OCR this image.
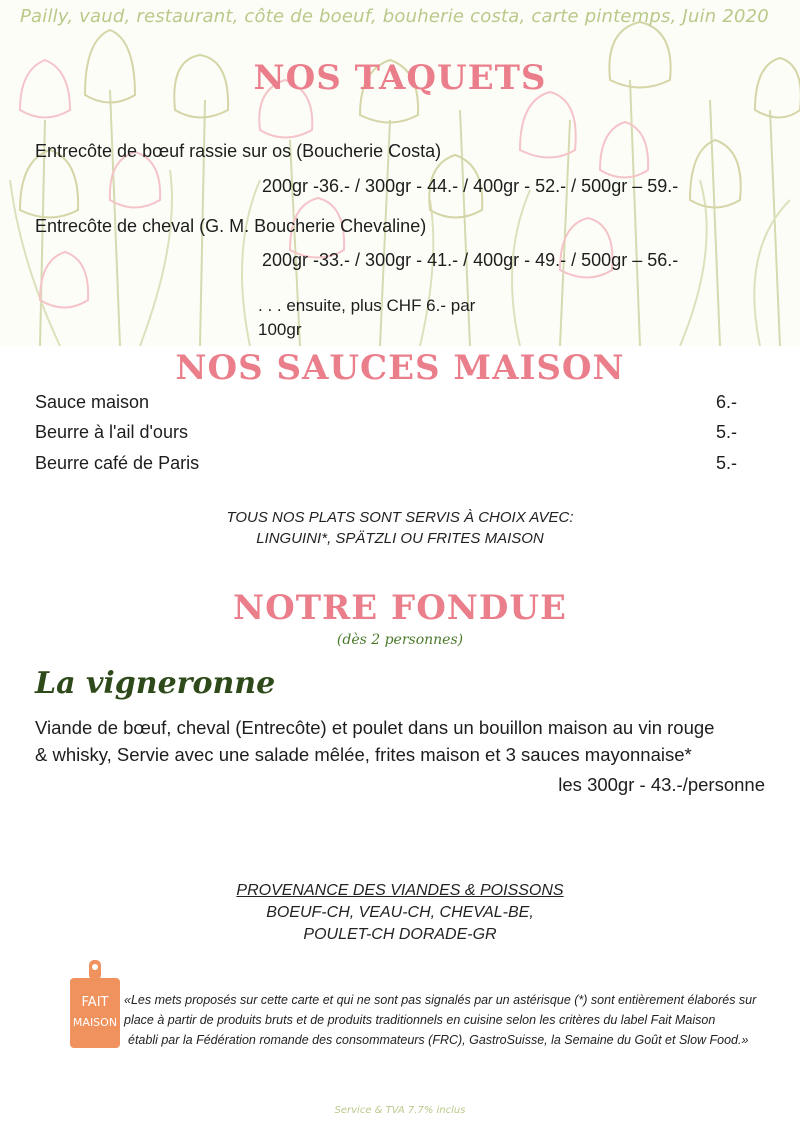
Pailly, vaud, restaurant, côte de boeuf, bouherie costa, carte pintemps, Juin 2020
NOS TAQUETS
Entrecôte de bœuf rassie sur os (Boucherie Costa)
200gr -36.- / 300gr - 44.- / 400gr - 52.- / 500gr – 59.-
Entrecôte de cheval (G. M. Boucherie Chevaline)
200gr -33.- / 300gr - 41.- / 400gr - 49.- / 500gr – 56.-
. . . ensuite, plus CHF 6.- par
100gr
NOS SAUCES MAISON
Sauce maison	6.-
Beurre à l'ail d'ours	5.-
Beurre café de Paris	5.-
TOUS NOS PLATS SONT SERVIS À CHOIX AVEC:
LINGUINI*, SPÄTZLI OU FRITES MAISON
NOTRE FONDUE
(dès 2 personnes)
La vigneronne
Viande de bœuf, cheval (Entrecôte) et poulet dans un bouillon maison au vin rouge
& whisky, Servie avec une salade mêlée, frites maison et 3 sauces mayonnaise*
les 300gr - 43.-/personne
PROVENANCE DES VIANDES & POISSONS
BOEUF-CH, VEAU-CH, CHEVAL-BE,
POULET-CH DORADE-GR
FAIT
MAISON
«Les mets proposés sur cette carte et qui ne sont pas signalés par un astérisque (*) sont entièrement élaborés sur
place à partir de produits bruts et de produits traditionnels en cuisine selon les critères du label Fait Maison
établi par la Fédération romande des consommateurs (FRC), GastroSuisse, la Semaine du Goût et Slow Food.»
Service & TVA 7.7% inclus
